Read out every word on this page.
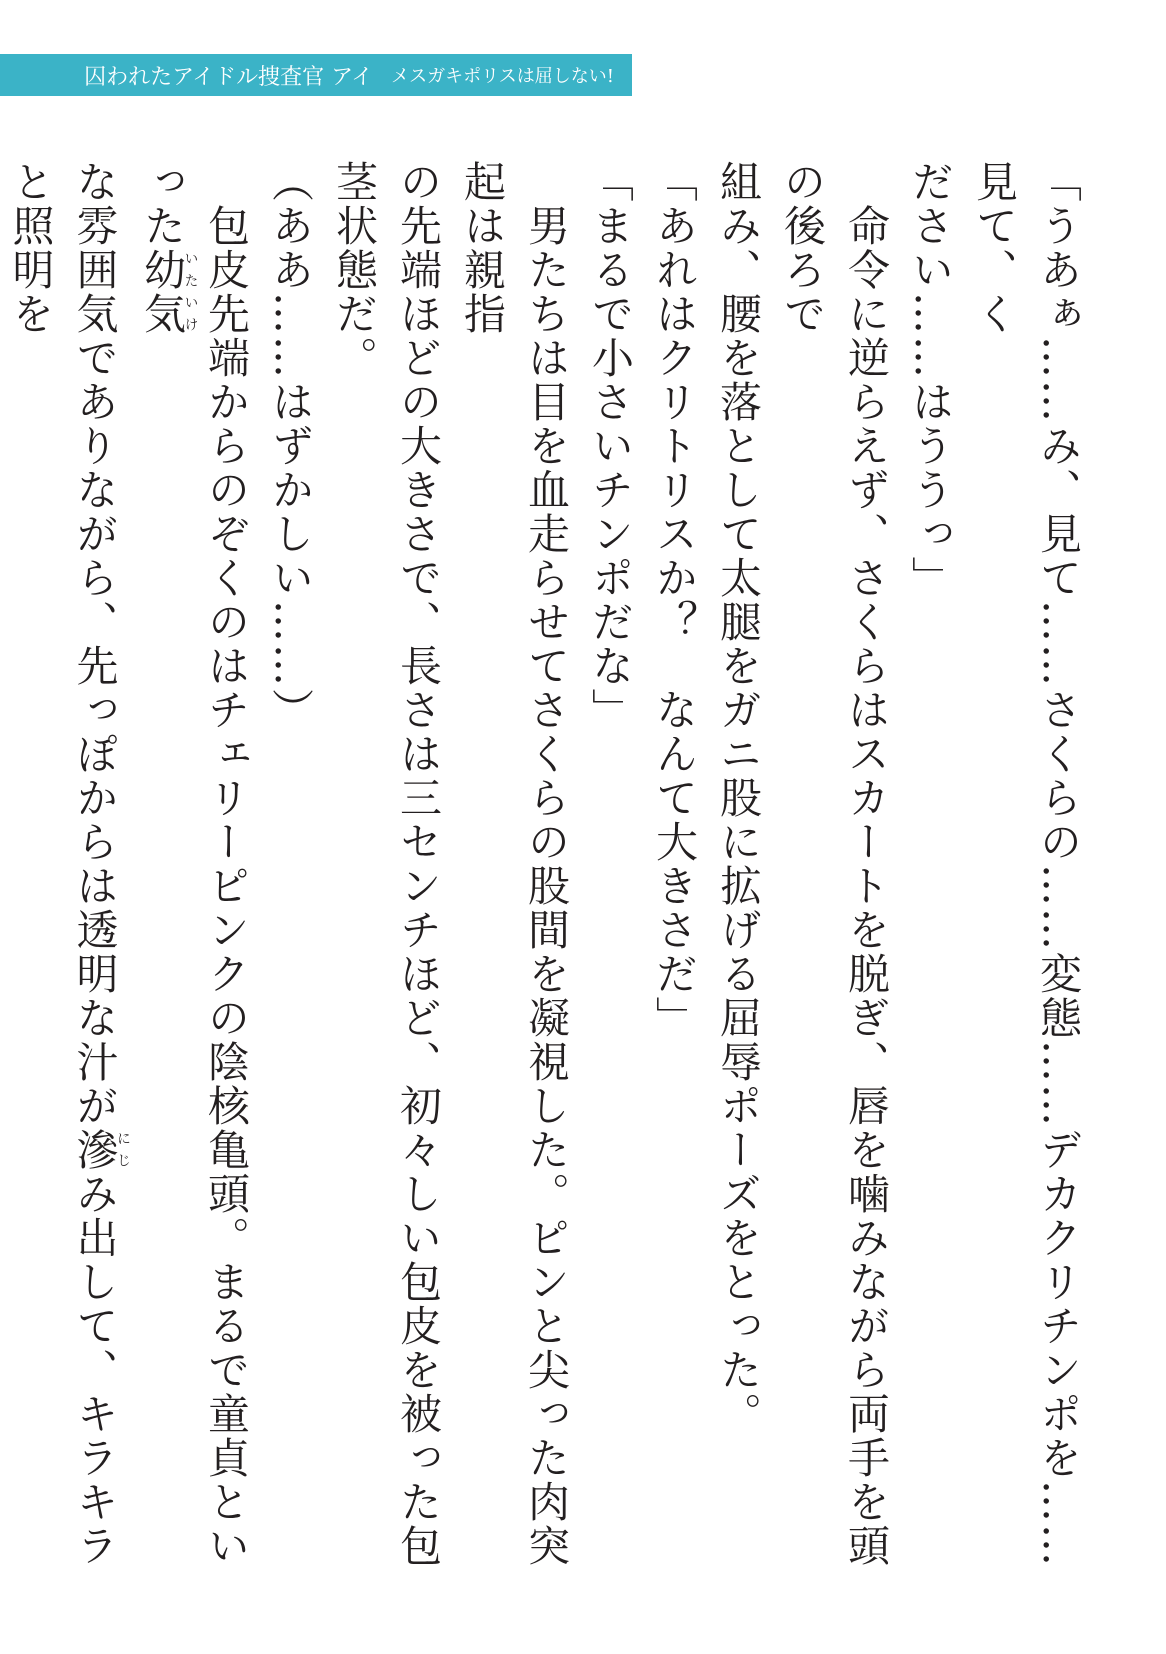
囚われたアイドル捜査官 アイ メスガキポリスは屈しない!

「うあぁ……み、見て……さくらの……変態……デカクリチンポを……見て、く

ださい……はううっ」

　命令に逆らえず、さくらはスカートを脱ぎ、唇を噛みながら両手を頭の後ろで

組み、腰を落として太腿をガニ股に拡げる屈辱ポーズをとった。

「あれはクリトリスか？　なんて大きさだ」

「まるで小さいチンポだな」

　男たちは目を血走らせてさくらの股間を凝視した。ピンと尖った肉突起は親指

の先端ほどの大きさで、長さは三センチほど、初々しい包皮を被った包茎状態だ。

（ああ……はずかしい……）

　包皮先端からのぞくのはチェリーピンクの陰核亀頭。まるで童貞といった幼気いたいけ

な雰囲気でありながら、先っぽからは透明な汁が滲にじみ出して、キラキラと照明を
